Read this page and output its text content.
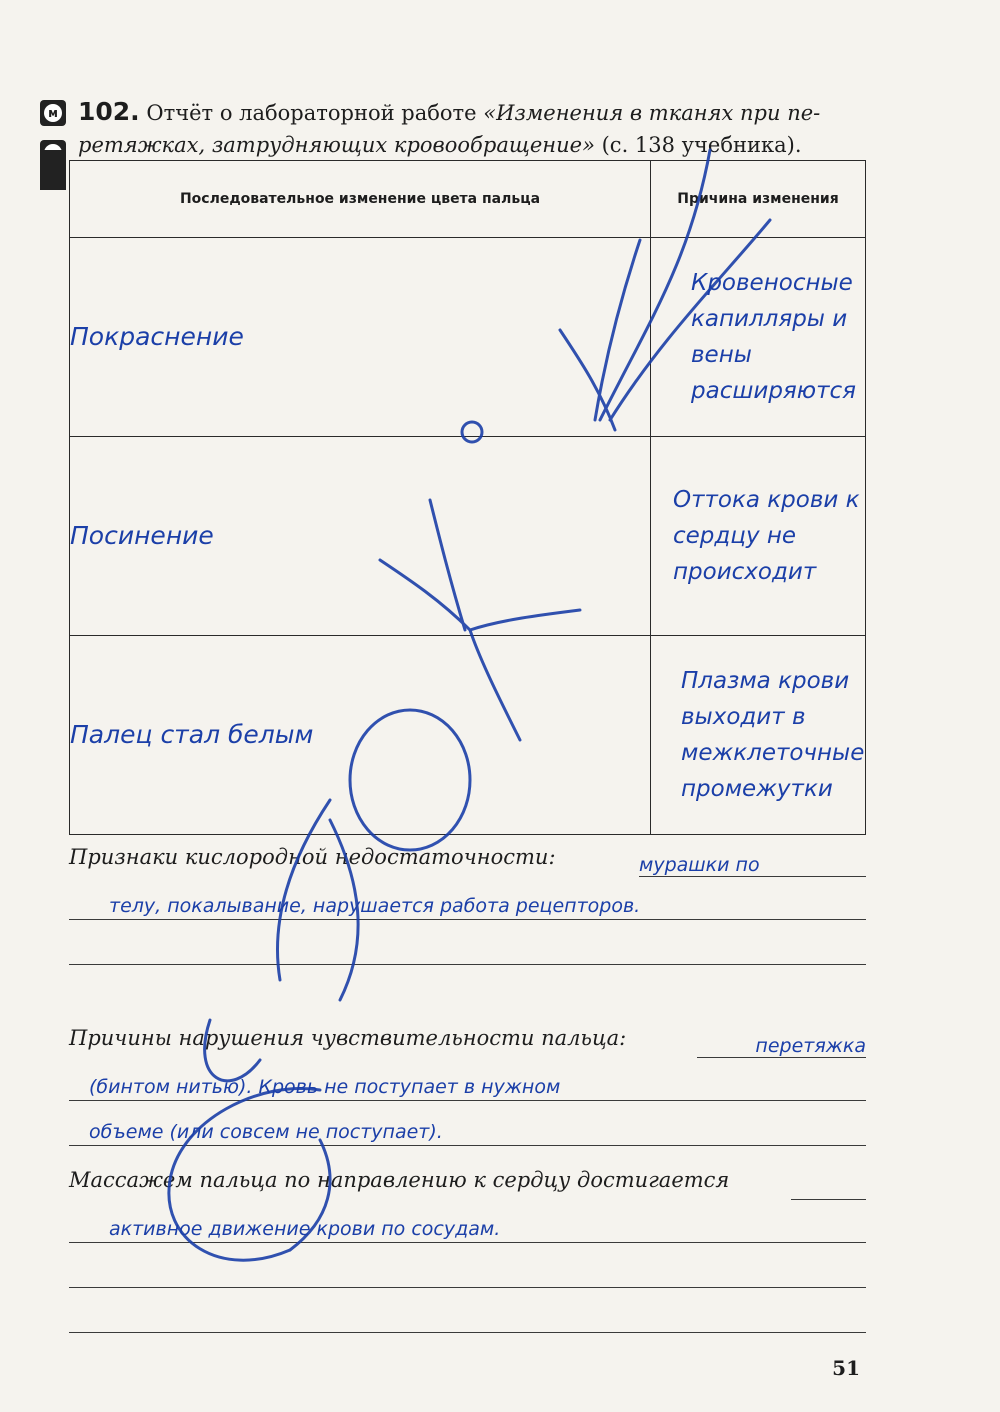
м 102. Отчёт о лабораторной работе «Изменения в тканях при пе-ретяжках, затрудняющих кровообращение» (с. 138 учебника).
Последовательное изменение цвета пальца	Причина изменения
Покраснение	Кровеносные капилляры и вены расширяются
Посинение	Оттока крови к сердцу не происходит
Палец стал белым	Плазма крови выходит в межклеточные промежутки
Признаки кислородной недостаточности:	мурашки по
телу, покалывание, нарушается работа рецепторов.
Причины нарушения чувствительности пальца:	перетяжка
(бинтом нитью). Кровь не поступает в нужном
объеме (или совсем не поступает).
Массажем пальца по направлению к сердцу достигается
активное движение крови по сосудам.
51
